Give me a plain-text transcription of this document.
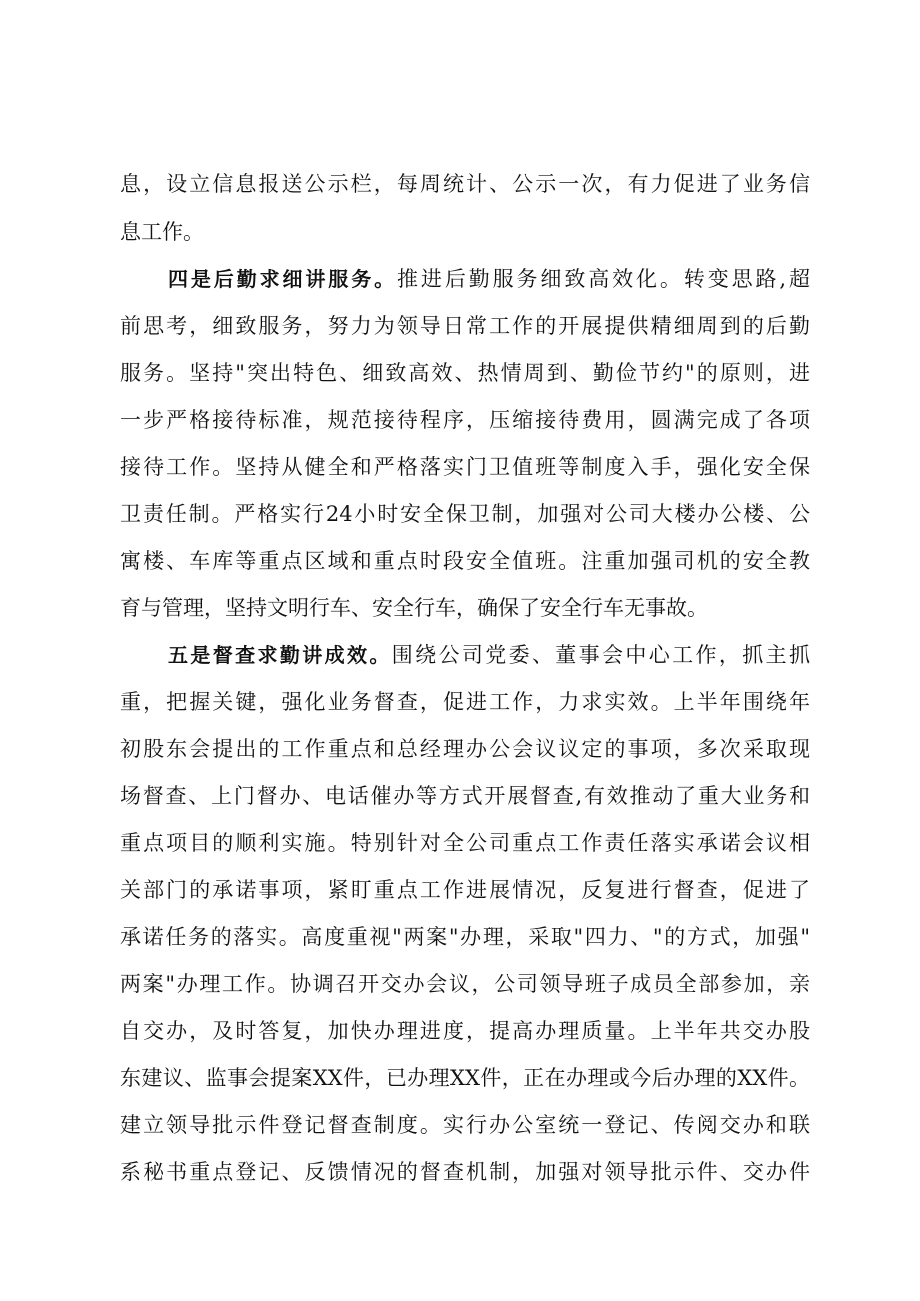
息，设立信息报送公示栏，每周统计、公示一次，有力促进了业务信
息工作。
四是后勤求细讲服务。推进后勤服务细致高效化。转变思路,超
前思考，细致服务，努力为领导日常工作的开展提供精细周到的后勤
服务。坚持"突出特色、细致高效、热情周到、勤俭节约"的原则，进
一步严格接待标准，规范接待程序，压缩接待费用，圆满完成了各项
接待工作。坚持从健全和严格落实门卫值班等制度入手，强化安全保
卫责任制。严格实行24小时安全保卫制，加强对公司大楼办公楼、公
寓楼、车库等重点区域和重点时段安全值班。注重加强司机的安全教
育与管理，坚持文明行车、安全行车，确保了安全行车无事故。
五是督查求勤讲成效。围绕公司党委、董事会中心工作，抓主抓
重，把握关键，强化业务督查，促进工作，力求实效。上半年围绕年
初股东会提出的工作重点和总经理办公会议议定的事项，多次采取现
场督查、上门督办、电话催办等方式开展督查,有效推动了重大业务和
重点项目的顺利实施。特别针对全公司重点工作责任落实承诺会议相
关部门的承诺事项，紧盯重点工作进展情况，反复进行督查，促进了
承诺任务的落实。高度重视"两案"办理，采取"四力、"的方式，加强"
两案"办理工作。协调召开交办会议，公司领导班子成员全部参加，亲
自交办，及时答复，加快办理进度，提高办理质量。上半年共交办股
东建议、监事会提案XX件，已办理XX件，正在办理或今后办理的XX件。
建立领导批示件登记督查制度。实行办公室统一登记、传阅交办和联
系秘书重点登记、反馈情况的督查机制，加强对领导批示件、交办件
